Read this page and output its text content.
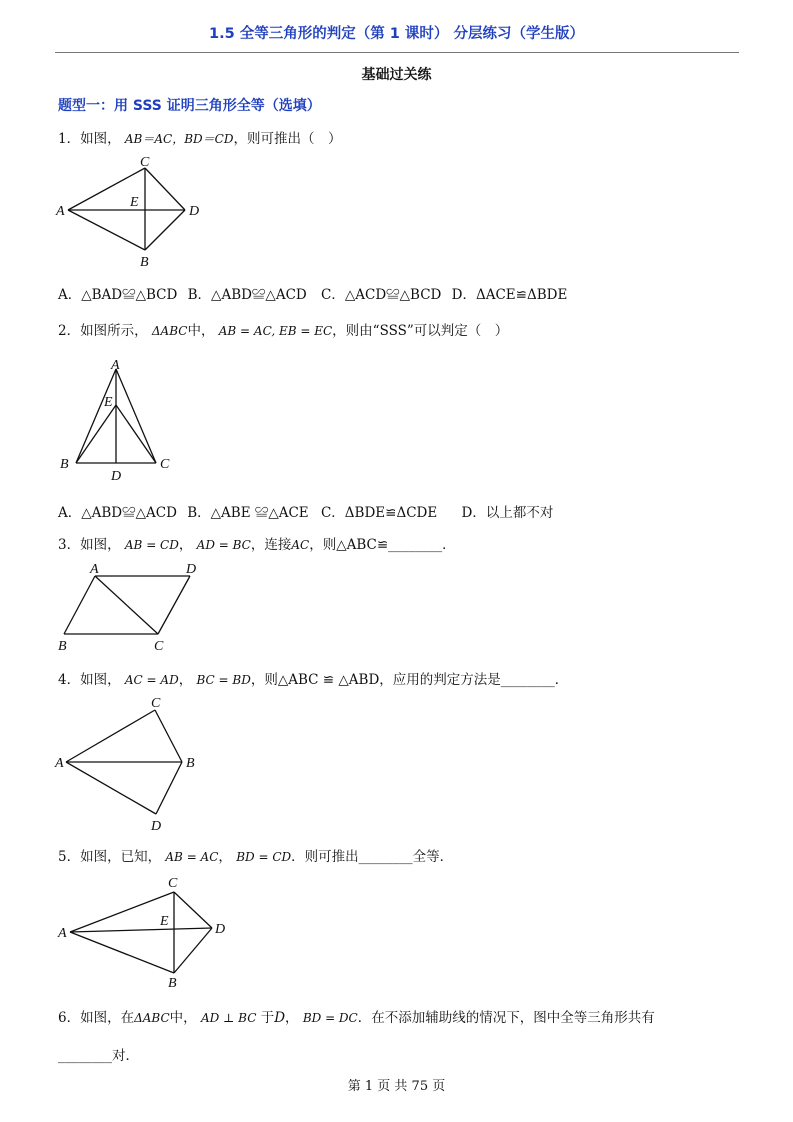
1.5 全等三角形的判定（第 1 课时） 分层练习（学生版）
基础过关练
题型一：用 SSS 证明三角形全等（选填）
1．如图， AB＝AC，BD＝CD，则可推出（　）
C
A
E
D
B
A．△BAD≌△BCD B．△ABD≌△ACD C．△ACD≌△BCD D．ΔACE≌ΔBDE
2．如图所示， ΔABC中， AB = AC, EB = EC，则由“SSS”可以判定（　）
A
E
B
D
C
A．△ABD≌△ACD B．△ABE ≌△ACE C．ΔBDE≌ΔCDE D．以上都不对
3．如图， AB = CD， AD = BC，连接AC，则△ABC≌________．
A	D
B	C
4．如图， AC = AD， BC = BD，则△ABC ≌ △ABD，应用的判定方法是________．
C
A	B
D
5．如图，已知， AB = AC， BD = CD．则可推出________全等．
C
E
A	D
B
6．如图，在ΔABC中， AD ⊥ BC 于D， BD = DC．在不添加辅助线的情况下，图中全等三角形共有
________对．
第 1 页 共 75 页
